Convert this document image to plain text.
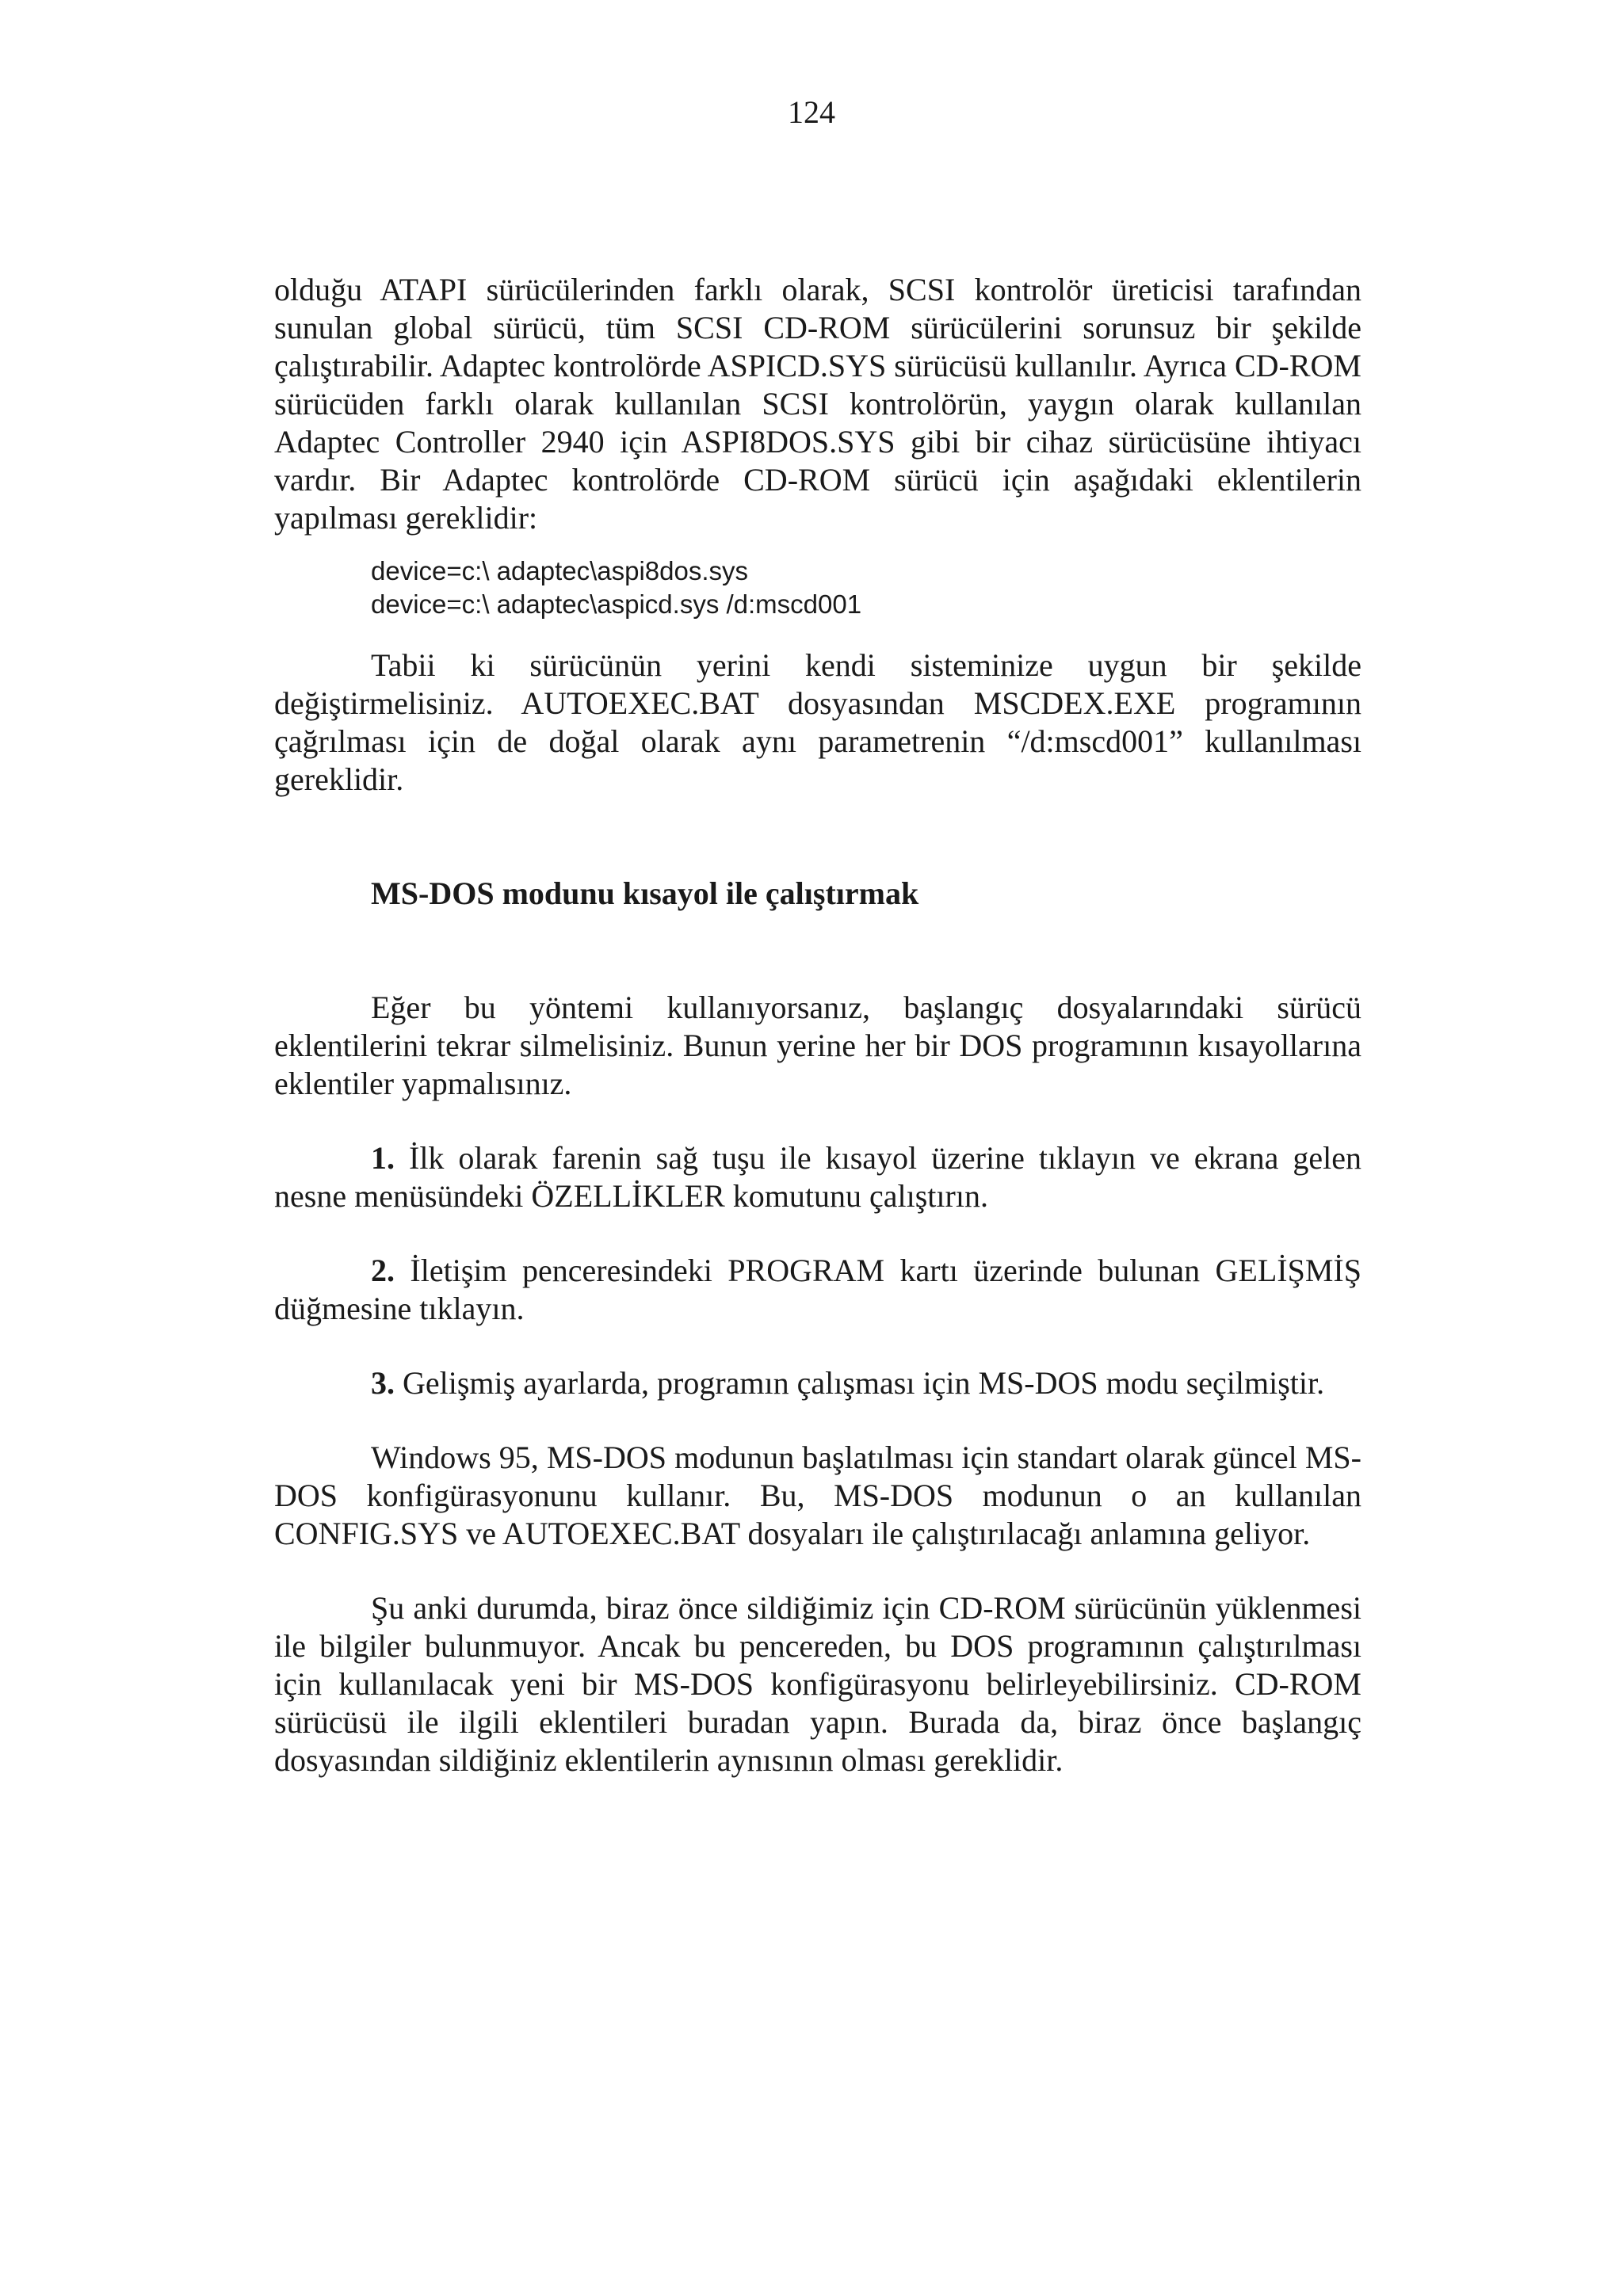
124

olduğu ATAPI sürücülerinden farklı olarak, SCSI kontrolör üreticisi tarafından sunulan global sürücü, tüm SCSI CD-ROM sürücülerini sorunsuz bir şekilde çalıştırabilir. Adaptec kontrolörde ASPICD.SYS sürücüsü kullanılır. Ayrıca CD-ROM sürücüden farklı olarak kullanılan SCSI kontrolörün, yaygın olarak kullanılan Adaptec Controller 2940 için ASPI8DOS.SYS gibi bir cihaz sürücüsüne ihtiyacı vardır. Bir Adaptec kontrolörde CD-ROM sürücü için aşağıdaki eklentilerin yapılması gereklidir:

device=c:\ adaptec\aspi8dos.sys
device=c:\ adaptec\aspicd.sys /d:mscd001

Tabii ki sürücünün yerini kendi sisteminize uygun bir şekilde değiştirmelisiniz. AUTOEXEC.BAT dosyasından MSCDEX.EXE programının çağrılması için de doğal olarak aynı parametrenin “/d:mscd001” kullanılması gereklidir.

MS-DOS modunu kısayol ile çalıştırmak

Eğer bu yöntemi kullanıyorsanız, başlangıç dosyalarındaki sürücü eklentilerini tekrar silmelisiniz. Bunun yerine her bir DOS programının kısayollarına eklentiler yapmalısınız.

1. İlk olarak farenin sağ tuşu ile kısayol üzerine tıklayın ve ekrana gelen nesne menüsündeki ÖZELLİKLER komutunu çalıştırın.

2. İletişim penceresindeki PROGRAM kartı üzerinde bulunan GELİŞMİŞ düğmesine tıklayın.

3. Gelişmiş ayarlarda, programın çalışması için MS-DOS modu seçilmiştir.

Windows 95, MS-DOS modunun başlatılması için standart olarak güncel MS-DOS konfigürasyonunu kullanır. Bu, MS-DOS modunun o an kullanılan CONFIG.SYS ve AUTOEXEC.BAT dosyaları ile çalıştırılacağı anlamına geliyor.

Şu anki durumda, biraz önce sildiğimiz için CD-ROM sürücünün yüklenmesi ile bilgiler bulunmuyor. Ancak bu pencereden, bu DOS programının çalıştırılması için kullanılacak yeni bir MS-DOS konfigürasyonu belirleyebilirsiniz. CD-ROM sürücüsü ile ilgili eklentileri buradan yapın. Burada da, biraz önce başlangıç dosyasından sildiğiniz eklentilerin aynısının olması gereklidir.
